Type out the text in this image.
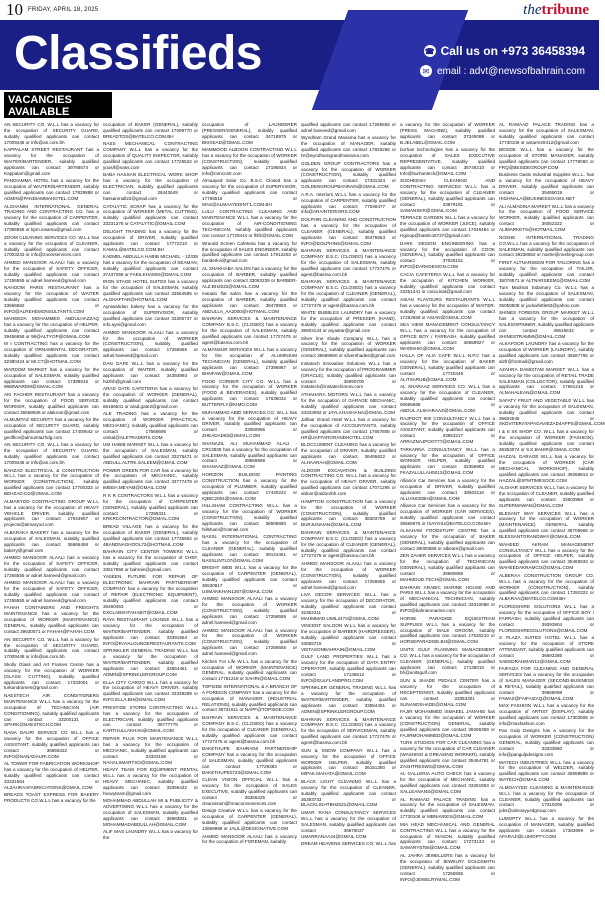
10 FRIDAY, APRIL 18, 2025	thetribune
Classifieds	☎ Call us on +973 36458394
✉ email : advt@newsofbahrain.com
VACANCIES AVAILABLE

AN SECURITY CO. W.L.L has a vacancy for the occupation of SECURITY GUARD, suitably qualified applicants can contact 17009448 or info@an.com.bh

KAPPALAM STREET RESTAURANT has a vacancy for the occupation of WAITER/BARTENDER, suitably qualified applicants can contact 39768574 or Kappalam@gmail.com

PANDIAMMA HOTEL has a vacancy for the occupation of WAITER/BARTENDER, suitably qualified applicants can contact 17828888 or ADMIN@PANDIAMMAHOTEL.COM

ALGHANIM INTERNATIONAL GENERAL TRADING AND CONTRACTING CO. has a vacancy for the occupation of CARPENTER, suitably qualified applicants can contact 17386656 or kpm.iosama@gmail.com

ZOOM CLEANING SERVICES CO. W.L.L has a vacancy for the occupation of CLEANER, suitably qualified applicants can contact 17003233 or info@zoomservices.com

AHMED MANSOOR ALAALI has a vacancy for the occupation of SAFETY OFFICER, suitably qualified applicants can contact 17256555 or adnel.hameed@gmail.com

NAHOOM PARIS RESTAURANT has a vacancy for the occupation of WAITER suitably qualified applicants can contact 33666582 or INFO@ALREHEMONSULTANTS.COM

MAHEEDA MOHAMMED ABDULHAZZAQ has a vacancy for the occupation of HELPER, suitably qualified applicants can contact 39456656 or 96@ALTYOP@GMAIL.COM

M I CONTRACTING has a vacancy for the occupation of ORNAMENTAL DECORATOR, suitably qualified applicants can contact 32380424 or MI.CT@HOTMAIL.COM

WARDOM MARKET has a vacancy for the occupation of SALESMAN, suitably qualified applicants can contact 17388815 or 9980WARDM@GMAIL.COM

AKI FAGHER RESTAURANT has a vacancy for the occupation of FOOD SERVICE WORKER, suitably qualified applicants can contact 36559936 or alakroor@gmail.com

ALMUMTAZ SECURITY has a vacancy for the occupation of SECURITY GUARD, suitably qualified applicants can contact 17400642 or geoffice@almumtazhdg.com

AN SECURITY CO. W.L.L has a vacancy for the occupation of SECURITY GUARD, suitably qualified applicants can contact 17009448 or info@an.com.bh

BAHZAD ELECTRICAL & CONSTRUCTION W.L.L has a vacancy for the occupation of WORKER (CONSTRUCTION), suitably qualified applicants can contact 17700333 or BEHZAD.CO@GMAIL.COM

ALMARYOD CONTRACTING GROUP W.L.L has a vacancy for the occupation of HEAVY VEHICLE DRIVER, suitably qualified applicants can contact 17944907 or projects@almaryod.com

ALBARAKA BAKERY has a vacancy for the occupation of SALESMAN, suitably qualified applicants can contact 36666458 or bakery@gmail.com

AHMED MANSOOR ALAALI has a vacancy for the occupation of SAFETY OFFICER, suitably qualified applicants can contact 17256555 or adnel.hameed@gmail.com

AHMED MANSOOR ALAALI has a vacancy for the occupation of SAFETY OFFICER, suitably qualified applicants can contact 17256555 or adnel.hameed@gmail.com

FAHAH CONTAINERS AND FREIGHTS MAINTENANCE has a vacancy for the occupation of WORKER (MAINTENANCE) GENERAL, suitably qualified applicants can contact 39630571 or FAHAH@FAHAH.COM

AN SECURITY CO. W.L.L has a vacancy for the occupation of SECURITY GUARD, suitably qualified applicants can contact 17009448 or info@an.com.bh

Skolly Glass and Art Frames Centre has a vacancy for the occupation of WORKER (GLASS CUTTING), suitably qualified applicants can contact 17333001 or turkandrames@gmail.com

NAESTECH AIR CONDITIONERS MAINTENANCE W.L.L has a vacancy for the occupation of TECHNICIAN (AIR CONDITIONING), suitably qualified applicants can contact 33200131 or SPARK@NAESTECH.COM

NANA DAURI SERVICE CO W.L.L has a vacancy for the occupation of OFFICE ASSISTANT, suitably qualified applicants can contact 36656322 or INFO@NANADAURI.COM

AL TOWER FOR FABRICATION WORKSHOP has a vacancy for the occupation of HELPER, suitably qualified applicants can contact 33331564 or ALZAHRAAFABRICATIONS@GMAIL.COM

BREADS TOAST EXPRESS FOR BAKERY PRODUCTS CO.W.L.L has a vacancy for the

occupation of BAKER (GENERAL), suitably qualified applicants can contact 17099770 or BREADTOS@BATELCO.COM.BH

NASS MECHANICAL CONTRACTING COMPANY W.L.L has a vacancy for the occupation of QUALITY INSPECTOR, suitably qualified applicants can contact 17725522 or yousif@nass.com

BABA HASSAN ELECTRICAL WORK SHOP has a vacancy for the occupation of ELECTRICIAN, suitably qualified applicants can contact 36443649 or hassanmall22@gmail.com

CATALYTIC SCRAP has a vacancy for the occupation of WORKER (METAL CUTTING), suitably qualified applicants can contact 33231378 or CATALYTIC@GMAIL.COM

DELIGHT TRADING has a vacancy for the occupation of DRIVER, suitably qualified applicants can contact 17772210 or KAMAL@BATELCO.COM.BH

KAEMEL ABDULLA HABIB MICHAEL - 10338 has a vacancy for the occupation of SEAMAN, suitably qualified applicants can contact 37437258 or FAEILKHAMIS@GMAIL.COM

IRON STAGE HOTEL SUITES has a vacancy for the occupation of SALESMAN, suitably qualified applicants can contact 33564595 or ALGHAFTAR@HOTMAIL.COM

Ayniwahdan bakery has a vacancy for the occupation of SUPERVISOR, suitably qualified applicants can contact 33305747 or info.ayni@gmail.com

AHMED MANSOOR ALAALI has a vacancy for the occupation of WORKER (CONSTRUCTION), suitably qualified applicants can contact 17256555 or adnel.hameed@gmail.com

DAN GAFE W.L.L has a vacancy for the occupation of WAITER, suitably qualified applicants can contact 34393993 or hdzbh@gmail.com

ARAD GATE CAFETERIA has a vacancy for the occupation of WORKER (GENERAL), suitably qualified applicants can contact 66166541 or arad.gate2@gmail.com

ALE TRADING has a vacancy for the occupation of WORKER (PRACTICAL MECHANIC), suitably qualified applicants can contact 17566695 or omkal@ALETRADERS.COM

UM HABIB MARKET W.L.L has a vacancy for the occupation of SALESMAN, suitably qualified applicants can contact 33275471 or ABDULL.ALTRK.SALEEM@GMAIL.COM

POWER GREEN FOR CAR has a vacancy for the occupation of MECHANIC, suitably qualified applicants can contact 33777478 or IMEEH.MEYAM@GMAIL.COM

R K R CONTRACTORS W.L.L has a vacancy for the occupation of CARPENTER (GENERAL), suitably qualified applicants can contact 17295321 or KRKRCONTRACTOR@GMAIL.COM

BREAD VILLAGE has a vacancy for the occupation of BAKER (GENERAL), suitably qualified applicants can contact 17735564 or 4BANDNAGHOOL72@HOTMAIL.COM

BAHRAIN CITY CENTER TOWERS W.L.L has a vacancy for the occupation of CHEF, suitably qualified applicants can contact 33617656 or bahrain@gmail.com

YASEEN FUTURE FOR REPAIR OF ELECTRONIC BAHRAIN PARTNERSHIP COMPANY has a vacancy for the occupation of REPAIR (ELECTRONIC EQUIPMENT), suitably qualified applicants can contact 36460453 or EXCLABSHTAHABIT@GMAIL.COM

RAYA RESTAURANT LOUNGE W.L.L has a vacancy for the occupation of WAITER/BARTENDER, suitably qualified applicants can contact 33391554 or INFO@RAYALOUNGERESTAURANTS.COM

SPRINKLER GENERAL TRADING W.L.L has a vacancy for the occupation of WAITER/BARTENDER, suitably qualified applicants can contact 33554461 or ADMIN@SPRINKLERGROUP.COM

ELLA CITY CARGO W.L.L has a vacancy for the occupation of HEAVY DRIVER, suitably qualified applicants can contact 33338299 or INFO.ELLA.BH@GMAIL.COM

PRESTIGE STORM CONTRACTING W.L.L has a vacancy for the occupation of ELECTRICIAN, suitably qualified applicants can contact 36777775 or KARTHULLAKHAN@GMAIL.COM

REPAIR PLUS FOR MAINTENANCE W.L.L has a vacancy for the occupation of MECHANIC, suitably qualified applicants can contact 33333166 or NAHALSMARTSO@GMAIL.COM

HEAVY TEAM FOR EQUIPMENT RENTAL W.L.L has a vacancy for the occupation of HEAVY MECHANIC, suitably qualified applicants can contact 33356432 or heavyteam@gmail.com

MOHAMMAD ABDULLAH MI & PUBLICITY & ADVERTISING W.L.L has a vacancy for the occupation of SALESMAN, suitably qualified applicants can contact 36983831 or MOHAMMADABDULLAH@GMAIL.COM

ALIF MAS LAUNDRY W.L.L has a vacancy for the

occupation of LAUNDERER (PRESSER/GENERAL), suitably qualified applicants can contact 34718975 or BKIXEAD@GMAIL.COM

MAMMOOD ALBOON CONTRACTING W.L.L has a vacancy for the occupation of WORKER (CONSTRUCTION), suitably qualified applicants can contact 17195934 or info@mmcontr.com

Almaayed Solar Co. B.S.C Closed has a vacancy for the occupation of SUPERVISOR, suitably qualified applicants can contact 17765515 or MAS@ALMAAYEDINT'L.COM.BH

LULU CONTRACTING CLEANING AND MAINTENANCE W.L.L has a vacancy for the occupation of AIR-CONDITIONING TECHNICIAN, suitably qualified applicants can contact 17729444 or lhlfz@GMAIL.COM

Wrandd Screen Cafeteria has a vacancy for the occupation of SALES ENGINEER, suitably qualified applicants can contact 17912203 or banderkvi@gmail.com

AL ZHAKHABA SALON has a vacancy for the occupation of BARBER, suitably qualified applicants can contact 33083239 or BARBER-ALZ.BH2022@GMAIL.COM

manalo flat salon has a vacancy for the occupation of BARBER, suitably qualified applicants can contact 39479903 or ABDULLA_AA2000@HOTMAIL.COM

BAHRAIN SERVICES & MAINTENANCE COMPANY B.S.C. (CLOSED) has a vacancy for the occupation of SALESMAN, suitably qualified applicants can contact 17727475 or agent@basma.com.bh

ALMANSUR SERVICES W.L.L has a vacancy for the occupation of ALUMINIUM TECHNICIAN (GENERAL), suitably qualified applicants can contact 17396987 or BHNFAW@GMAIL.COM

FOOD CORNER CITY CO. W.L.L has a vacancy for the occupation of WORKER (FOOD & BEVERAGES), suitably qualified applicants can contact 17636032 or BUTTERFLY@KIMO.COM

MUHAMMAD ABID SERVICES CO. W.L.L has a vacancy for the occupation of HEAVY DRIVER, suitably qualified applicants can contact 33050955 or ZHEADAD83@GMAIL.COM

SHANAZIL ALI MUHAMMAD ALALI - CR13838 has a vacancy for the occupation of SALESMAN, suitably qualified applicants can contact 38658969 or SHANAAZ@GMAIL.COM

HORIZON BUILDING PAINTING CONSTRUCTION has a vacancy for the occupation of PLUMBER, suitably qualified applicants can contact 17440222 or IQBIC2004@GMAIL.COM

HILLSHAM CONTRACTING W.L.L has a vacancy for the occupation of WORKER (CONSTRUCTION), suitably qualified applicants can contact 38508880 or hillsham@hotmail.com

NASSL INTERNATIONAL CONTRACTING has a vacancy for the occupation of CLEANER (GENERAL), suitably qualified applicants can contact 39144461 or NASSLINTL07@GMAIL.COM

BRIGHT WEB W.L.L has a vacancy for the occupation of CARPENTER (GENERAL), suitably qualified applicants can contact 36530817 or USMANKHAN1367@GMAIL.COM

AHMED MANSOOR ALAALI has a vacancy for the occupation of WORKER (CONSTRUCTION), suitably qualified applicants can contact 17256555 or adnel.hameed@gmail.com

AHMED MANSOOR ALAALI has a vacancy for the occupation of WORKER (CONSTRUCTION), suitably qualified applicants can contact 17256555 or adnel.hameed@gmail.com

Kitchen For Life W.L.L has a vacancy for the occupation of WORKER (MAINTENANCE) GENERAL, suitably qualified applicants can contact 17751218 or SAHRI@GMAIL.COM

TOPSIDE INTERNATIONAL & A BRANCH OF A FOREIGN COMPANY has a vacancy for the occupation of MANAGER (INDUSTRIAL RELATIONS), suitably qualified applicants can contact 38731611 or NAPF@TOPSIDE.COM

BAHRAIN SERVICES & MAINTENANCE COMPANY B.S.C. (CLOSED) has a vacancy for the occupation of CLEANER (GENERAL), suitably qualified applicants can contact 17727475 or agent@basma.com.bh

BAKETHUPE BAHRAINI PARTNERSHIP COMPANY has a vacancy for the occupation of SALESMAN, suitably qualified applicants can contact 17729383 or BAKETHUPE0723@GMAIL.COM

CLEAN VISION OFFICIAL W.L.L has a vacancy for the occupation of SALES EXECUTIVE, suitably qualified applicants can contact 38356425 or cleanvision@hmaconveniences.com

Design Creative W.L.L has a vacancy for the occupation of CARPENTER (GENERAL), suitably qualified applicants can contact 13669988 or JALIL@DESIGNATIVE.COM

AHMED MANSOOR ALAALI has a vacancy for the occupation of FOREMAN, suitably

qualified applicants can contact 17265555 or adnel.hameed@gmail.com

Wyndham Grand Manama has a vacancy for the occupation of MANAGER, suitably qualified applicants can contact 17826266 or hr@wyndhamgrandmanama.com

GOLDEN GROUP CONTRACTORS has a vacancy for the occupation of WORKER (CONSTRUCTION), suitably qualified applicants can contact 17331324 or GOLDENGROUPBAHRAIN@GMAIL.COM

A.R.A. Interiors W.L.L has a vacancy for the occupation of CARPENTER, suitably qualified applicants can contact 77048477 or info@ARAINTERIORS.COM

DOLPHIN CLEANING AND CONSTRUCTION has a vacancy for the occupation of CLEANER (GENERAL), suitably qualified applicants can contact 36476653 or INFO@DOLPHINS@GMAIL.COM

BAHRAIN SERVICES & MAINTENANCE COMPANY B.S.C. (CLOSED) has a vacancy for the occupation of SALESMAN, suitably qualified applicants can contact 17727475 or agent@basma.com.bh

BAHRAIN SERVICES & MAINTENANCE COMPANY B.S.C. (CLOSED) has a vacancy for the occupation of CLEANER (GENERAL), suitably qualified applicants can contact 17727475 or agent@basma.com.bh

WHITE BUBBLES LAUNDRY has a vacancy for the occupation of PRESSER (HAND), suitably qualified applicants can contact 36603134 or aryastar@gmail.com

Silver line shade Company W.L.L has a vacancy for the occupation of WORKER (GENERAL), suitably qualified applicants can contact 35569850 or silvershades@gmail.com

Instatech Innovative Solutions W.L.L has a vacancy for the occupation of PROGRAMMER (ORACLE), suitably qualified applicants can contact 35990700 or instatech@instatechinnov.com

ATHAHARA MOTORS W.L.L has a vacancy for the occupation of GARAGE MECHANIC, suitably qualified applicants can contact 34343992 or JAYLAHASHANA@GMAIL.COM

Jalfaar Grand Hotel W.L.L has a vacancy for the occupation of ACCOUNTANTS, suitably qualified applicants can contact 17657805 or HR@JAFFARGRANDHOTEL.COM

BLOCCUMENT CLEANING has a vacancy for the occupation of DRIVER, suitably qualified applicants can contact 36465622 or ALHAARAH@GMAIL.COM

ALDOOR EXCAVATION & BUILDING CONTRACTING CO. W.L.L has a vacancy for the occupation of HEAVY DRIVER, suitably qualified applicants can contact 17071295 or aldoor@aldoorbh.com

HAMPTON CONSTRUCTION has a vacancy for the occupation of WORKER (CONSTRUCTION), suitably qualified applicants can contact 38303759 or BURJUNAIAN@GMAIL.COM

BAHRAIN SERVICES & MAINTENANCE COMPANY B.S.C. (CLOSED) has a vacancy for the occupation of CLEANER (GENERAL), suitably qualified applicants can contact 17727475 or agent@basma.com.bh

AHMED MANSOOR ALAALI has a vacancy for the occupation of WORKER (CONSTRUCTION), suitably qualified applicants can contact 17256555 or adnel.hameed@gmail.com

LIVA DECOR SERVICES W.L.L has a vacancy for the occupation of DECORATOR, suitably qualified applicants can contact 32362311 or MAHMMAD.UMIL2473@GMAIL.COM

VINCENT SALOON W.L.L has a vacancy for the occupation of BARBER (HAIRDRESSER), suitably qualified applicants can contact 33555715 or VEITASONBAHRAIN@GMAIL.COM

GULF LAND PROPERTIES W.L.L has a vacancy for the occupation of DATA ENTRY OPERATOR, suitably qualified applicants can contact 17136512 or INFO@GULFLANDPRO.COM

SPRINKLER GENERAL TRADING W.L.L has a vacancy for the occupation of WAITER/BARTENDER, suitably qualified applicants can contact 33554461 or ADMIN@SPRINKLERGROUP.COM

BAHRAIN SERVICES & MAINTENANCE COMPANY B.S.C. (CLOSED) has a vacancy for the occupation of SERVICEMAN, suitably qualified applicants can contact 17727475 or agent@basma.com.bh

SUN & SNOW COMPANY W.L.L has a vacancy for the occupation of OFFICE WORKER HELPER, suitably qualified applicants can contact 36151360 or MIPAK.MAHATA@GMAIL.COM

BLACK LIGHT CLEANING W.L.L has a vacancy for the occupation of CLEANER, suitably qualified applicants can contact 36393733 or BLACKLIGHTBH2021@GMAIL.COM

UMAR RANA CONSULTANCY SERVICES W.L.L has a vacancy for the occupation of SALESMAN, suitably qualified applicants can contact 36675037 or UMARRANAA44@GMAIL.COM

DREAM HEAVENS SERVICES CO. W.L.L has

a vacancy for the occupation of WORKER (PRESS MACHINE), suitably qualified applicants can contact 37349098 or B.JELABEL@GMAIL.COM

burhan technologies has a vacancy for the occupation of SALES EXECUTIVE REPRESENTATIVE, suitably qualified applicants can contact 38749210 or Info@burhantech@GMAIL.COM

SUDHEESH CLEANING AND CONTRACTING SERVICES W.L.L has a vacancy for the occupation of CLEANER (GENERAL), suitably qualified applicants can contact 33879181 or SAMANSKR@GMAIL.COM

TERRACE GARDEN W.L.L has a vacancy for the occupation of WORKER (JUICE), suitably qualified applicants can contact 17646484 or Hgioup@batelco8737@gmail.com

DARK DESIGN ENGINEERING has a vacancy for the occupation of COOK (GENERAL), suitably qualified applicants can contact 37026151 or INFO@DARKDESIGN.COM

CACIA CAFETERIA W.L.L has a vacancy for the occupation of KITCHEN WORKER, suitably qualified applicants can contact 33251441 or cacia.kiat@gmail.com

ASIAN FLAVOURS RESTAURANTS W.L.L has a vacancy for the occupation of WAITER, suitably qualified applicants can contact 17292659 or ASIAN@GMAIL.COM

SEA VIEW MANAGEMENT CONSULTANCY W.L.L has a vacancy for the occupation of OFFICE BOY / FARRASH, suitably qualified applicants can contact 36659927 or WHONHIG@GMAIL.COM

HALLA OF ALIA CAFE W.L.L N.P.C has a vacancy for the occupation of BAKER (GENERAL), suitably qualified applicants can contact 17720449 or ALITSARUB@GMAIL.COM

AL SHARAAZ SERVICES CO. W.L.L has a vacancy for the occupation of CLEANER, suitably qualified applicants can contact 66695888 or ABDUL.ALSHARAAZ@GMAIL.COM

RAJPOOT 900 CONSULTANCY W.L.L has a vacancy for the occupation of OFFICE ASSISTANT, suitably qualified applicants can contact 33953217 or ARRAZNAJPOOT77@GMAIL.COM

TARKARNA CONSULTANCY W.L.L has a vacancy for the occupation of OFFICE WORKER HELPER, suitably qualified applicants can contact 32356882 or FKAZALULLAH5012@GMAIL.COM

Alliance Car Services has a vacancy for the occupation of DRIVER, suitably qualified applicants can contact 38603116 or ALLIANCEBH@GMAIL.COM

Alliance Car Services has a vacancy for the occupation of WORKER (CAR SERVICES), suitably qualified applicants can contact 36665976 or ISAYIHU@BATELCO.COM.BH

ALSAHAM FOODSTUFF CENTRE has a vacancy for the occupation of BAKER (GENERAL), suitably qualified applicants can contact 39000888 or albeam@gmail.com

ZEN ZAHER SERVICES W.L.L has a vacancy for the occupation of TECHNICIAN (GENERAL), suitably qualified applicants can contact 36660686 or MAHMOUD.TECH@GMAIL.COM

BAHRAIN ARABIC MARINE HOUSE AND PARIS W.L.L has a vacancy for the occupation of MECHANICAL TECHNICIAN, suitably qualified applicants can contact 33310088 or INFO@bahrainmarine.com

HORSE PARADISE EQUESTRIAN SUPPLIES W.L.L has a vacancy for the occupation of MALE GROOM, suitably qualified applicants can contact 17530210 or HORSEPARADISE.BH@GMAIL.COM

UNITS GULF PLANNING MANAGEMENT CO. W.L.L has a vacancy for the occupation of CLEANER (GENERAL), suitably qualified applicants can contact 17135010 or bh@unitsgulf.com

SUN & SHADE PEDALS CENTER has a vacancy for the occupation of RECEPTIONIST, suitably qualified applicants can contact 33353301 or SUNANDSHADE@GMAIL.COM

FAJIR MOHAMMED ISMAEEL JANAHEI has a vacancy for the occupation of WORKER (CONSTRUCTION) GENERAL, suitably qualified applicants can contact 35096359 or FAJIRMOHAMMED@GMAIL.COM

TURK STUDIOS FOR CAR CLEANING has a vacancy for the occupation of CAR CLEANER (WASHING & GREASING WORKER), suitably qualified applicants can contact 35464791 or ZASHTRESWS@GMAIL.COM

AL GALLERIA AUTO CHECK has a vacancy for the occupation of MECHANIC, suitably qualified applicants can contact 33261953 or SALLEANANS@GMAIL.COM

AL RAMAAD PALACE TRADING has a vacancy for the occupation of SALESMAN, suitably qualified applicants can contact 17730106 or MBNAVEES@GMAIL.COM

MIA HEAD MECHANICAL AND GENERAL CONTRACTING W.L.L has a vacancy for the occupation of MASON, suitably qualified applicants can contact 17273133 or SAMARY5756@GMAIL.COM

AL JAHRA JEWELLERS has a vacancy for the occupation of JEWELRY GOLDSMITH (GENERAL), suitably qualified applicants can contact 17255555 or INFO@JEWELRYMAIL.COM

AL RAMAAD PALACE TRADING has a vacancy for the occupation of SALESMAN, suitably qualified applicants can contact 17730106 or antarrez8412@gmail.com

BESIDE W.L.L has a vacancy for the occupation of STORE MANAGER, suitably qualified applicants can contact 17779060 or FRQ@BESIDEGROUP.COM

Business Oasis Industrial Supplies W.L.L. has a vacancy for the occupation of HEAVY DRIVER, suitably qualified applicants can contact 35469019 or HIGHNALA@BUSINESSOASIS.NET

ALI ALMADINA MARKET W.L.L has a vacancy for the occupation of FOOD SERVICE WORKER, suitably qualified applicants can contact 36052322 or ALIMARKETS@HOTMAIL.COM

NOSHE INTERNATIONAL TRADING CO.W.L.L has a vacancy for the occupation of SALESMAN, suitably qualified applicants can contact 39238652 or noshe@noshegroup.com

FIRST ALTNARSEEM FOR TAILORING has a vacancy for the occupation of TAILOR, suitably qualified applicants can contact 35076571 or ALTNARSEEM1@GMAIL.COM

Tum Madinat Sidamary Co. W.L.L has a vacancy for the occupation of SALESMAN, suitably qualified applicants can contact 35050508 or jackwhittle93@yahoo.com

SHINES FOREIGN GROUP MARKET W.L.L has a vacancy for the occupation of SALES/SPINNER, suitably qualified applicants can contact 38616632 or SHINESTRAMMI@GMAIL.COM

ALKAFOOR LAUNDRY has a vacancy for the occupation of WORKER (LAUNDRY), suitably qualified applicants can contact 35567765 or alzfr@hotmail@gmail.com

AZAHRA DAMISTAM MARKET W.L.L has a vacancy for the occupation of RETAIL TRADE SALESMAN (COLLECTOR), suitably qualified applicants can contact 17661215 or ALNAHALEAN@GMAIL.COM

SAFATY FRUIT AND VEGETABLE W.L.L has a vacancy for the occupation of SALESMAN, suitably qualified applicants can contact 36604545 or SKDVITERATAPAGAVIEZAD4APPS@GMAIL.COM

I & S SK SHOP CO. W.L.L has a vacancy for the occupation of WORKER (FASHION), suitably qualified applicants can contact 36353074 or S.K.BAHIR@GMAIL.COM

HAZZAL GARAGE W.L.L has a vacancy for the occupation of WORKER (CAR MECHANICAL WORKSHOP), suitably qualified applicants can contact 39258813 or HAZZAL@SFMTIMESOCE.COM

ALGHAR SERVICES W.L.L has a vacancy for the occupation of CLEANER, suitably qualified applicants can contact 33603968 or SUPERMAWAN@GMAIL.COM

BLESANT WAY SERVICES W.L.L has a vacancy for the occupation of WORKER (MAINTENANCE) GENERAL, suitably qualified applicants can contact 36705666 or BLESSANTGRANDWAY@GMAIL.COM

WAHEED AKRAM MANAGEMENT CONSULTANCY W.L.L has a vacancy for the occupation of OFFICE HELPER, suitably qualified applicants can contact 35465833 or WAHEEDAKRAMCO@GMAIL.COM

ALBERAA CONSTRUCTION GROUP CO. W.L.L has a vacancy for the occupation of WORKER (CONSTRUCTION), suitably qualified applicants can contact 17292322 or ALBARAA@BATELCO.COM.BH

FLORIDSHIRE SOLUTIONS W.L.L has a vacancy for the occupation of OFFICE BOY / FARRASH, suitably qualified applicants can contact 39393904 or FLORIDSHIRESOLUTIONS@GMAIL.COM

S PLAZA SUITES HOTEL W.L.L has a vacancy for the occupation of STORE ATTENDANT, suitably qualified applicants can contact 36692285 or SAEEDRAHMAN12@GMAIL.COM

FAIFAIZA FOR CLEANING AND GENERAL SERVICES has a vacancy for the occupation of SALES MANAGER (SECOND-BUSINESS & RETAIL), suitably qualified applicants can contact 39668098 or FAWAZ@FAIFAIZAQ@GMAIL.COM

MAX FASHION W.L.L has a vacancy for the occupation of ARTIST (DISPLAY), suitably qualified applicants can contact 17303506 or info@maxfashion.com

Pan Gulp Designs has a vacancy for the occupation of WORKER (CONSTRUCTION) GENERAL, suitably qualified applicants can contact 33333950 or info@pangulpdesigns.com

WATECH INDUSTRIES W.L.L has a vacancy for the occupation of WELDER, suitably qualified applicants can contact 35658888 or WATECH@GMAIL.COM

ALMOAYYED CLEANING & MAINTENANCE W.L.L has a vacancy for the occupation of CLEANER, suitably qualified applicants can contact 17310306 or jobs@almoayyedgroup.com

LUMOPTY W.L.L has a vacancy for the occupation of MANAGER, suitably qualified applicants can contact 17383999 or AFARAJI@LUMOPTY.COM
